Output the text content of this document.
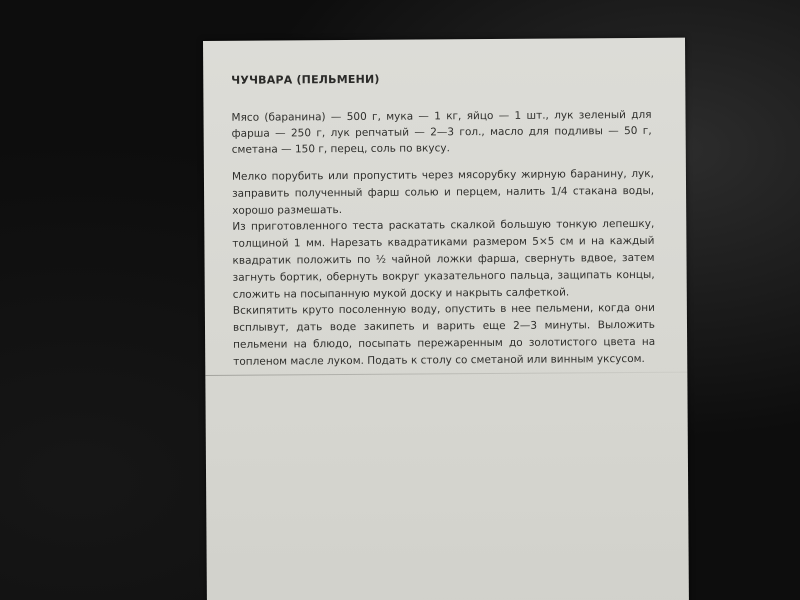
ЧУЧВАРА (ПЕЛЬМЕНИ)

Мясо (баранина) — 500 г, мука — 1 кг, яйцо — 1 шт., лук зеленый для фарша — 250 г, лук репчатый — 2—3 гол., масло для подливы — 50 г, сметана — 150 г, перец, соль по вкусу.

Мелко порубить или пропустить через мясорубку жирную баранину, лук, заправить полученный фарш солью и перцем, налить 1/4 стакана воды, хорошо размешать.

Из приготовленного теста раскатать скалкой большую тонкую лепешку, толщиной 1 мм. Нарезать квадратиками размером 5×5 см и на каждый квадратик положить по ½ чайной ложки фарша, свернуть вдвое, затем загнуть бортик, обернуть вокруг указательного пальца, защипать концы, сложить на посыпанную мукой доску и накрыть салфеткой.

Вскипятить круто посоленную воду, опустить в нее пельмени, когда они всплывут, дать воде закипеть и варить еще 2—3 минуты. Выложить пельмени на блюдо, посыпать пережаренным до золотистого цвета на топленом масле луком. Подать к столу со сметаной или винным уксусом.
